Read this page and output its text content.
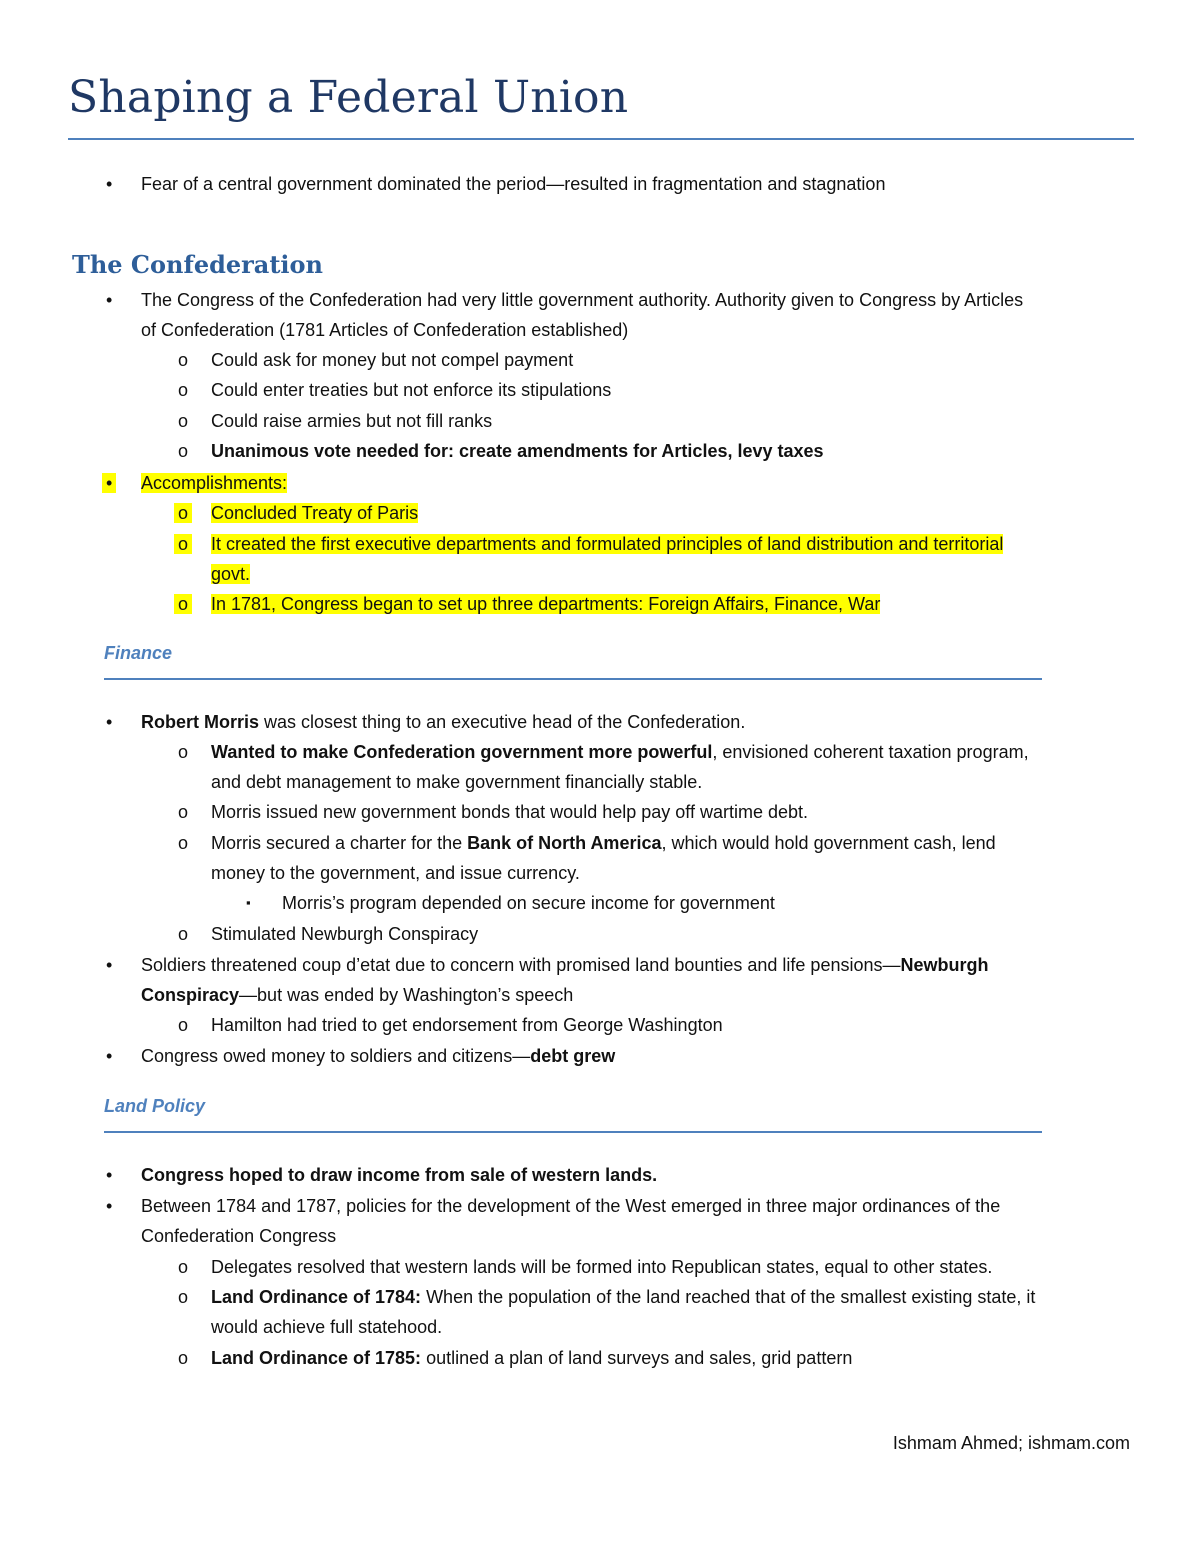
Shaping a Federal Union
• Fear of a central government dominated the period—resulted in fragmentation and stagnation
The Confederation
• The Congress of the Confederation had very little government authority. Authority given to Congress by Articles
of Confederation (1781 Articles of Confederation established)
o Could ask for money but not compel payment
o Could enter treaties but not enforce its stipulations
o Could raise armies but not fill ranks
o Unanimous vote needed for: create amendments for Articles, levy taxes
• Accomplishments:
o Concluded Treaty of Paris
o It created the first executive departments and formulated principles of land distribution and territorial
govt.
o In 1781, Congress began to set up three departments: Foreign Affairs, Finance, War
Finance
• Robert Morris was closest thing to an executive head of the Confederation.
o Wanted to make Confederation government more powerful, envisioned coherent taxation program,
and debt management to make government financially stable.
o Morris issued new government bonds that would help pay off wartime debt.
o Morris secured a charter for the Bank of North America, which would hold government cash, lend
money to the government, and issue currency.
▪ Morris’s program depended on secure income for government
o Stimulated Newburgh Conspiracy
• Soldiers threatened coup d’etat due to concern with promised land bounties and life pensions—Newburgh
Conspiracy—but was ended by Washington’s speech
o Hamilton had tried to get endorsement from George Washington
• Congress owed money to soldiers and citizens—debt grew
Land Policy
• Congress hoped to draw income from sale of western lands.
• Between 1784 and 1787, policies for the development of the West emerged in three major ordinances of the
Confederation Congress
o Delegates resolved that western lands will be formed into Republican states, equal to other states.
o Land Ordinance of 1784: When the population of the land reached that of the smallest existing state, it
would achieve full statehood.
o Land Ordinance of 1785: outlined a plan of land surveys and sales, grid pattern
Ishmam Ahmed; ishmam.com
